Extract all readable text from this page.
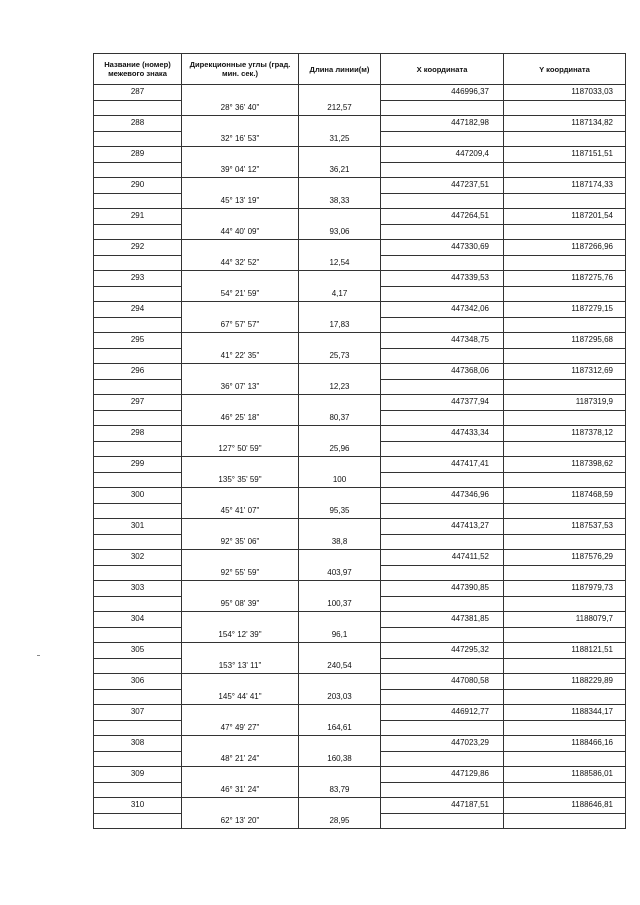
Название (номер) межевого знака	Дирекционные углы (град. мин. сек.)	Длина линии(м)	X координата	Y координата
287			446996,37	1187033,03
	28° 36' 40"	212,57		
288			447182,98	1187134,82
	32° 16' 53"	31,25		
289			447209,4	1187151,51
	39° 04' 12"	36,21		
290			447237,51	1187174,33
	45° 13' 19"	38,33		
291			447264,51	1187201,54
	44° 40' 09"	93,06		
292			447330,69	1187266,96
	44° 32' 52"	12,54		
293			447339,53	1187275,76
	54° 21' 59"	4,17		
294			447342,06	1187279,15
	67° 57' 57"	17,83		
295			447348,75	1187295,68
	41° 22' 35"	25,73		
296			447368,06	1187312,69
	36° 07' 13"	12,23		
297			447377,94	1187319,9
	46° 25' 18"	80,37		
298			447433,34	1187378,12
	127° 50' 59"	25,96		
299			447417,41	1187398,62
	135° 35' 59"	100		
300			447346,96	1187468,59
	45° 41' 07"	95,35		
301			447413,27	1187537,53
	92° 35' 06"	38,8		
302			447411,52	1187576,29
	92° 55' 59"	403,97		
303			447390,85	1187979,73
	95° 08' 39"	100,37		
304			447381,85	1188079,7
	154° 12' 39"	96,1		
305			447295,32	1188121,51
	153° 13' 11"	240,54		
306			447080,58	1188229,89
	145° 44' 41"	203,03		
307			446912,77	1188344,17
	47° 49' 27"	164,61		
308			447023,29	1188466,16
	48° 21' 24"	160,38		
309			447129,86	1188586,01
	46° 31' 24"	83,79		
310			447187,51	1188646,81
	62° 13' 20"	28,95		
